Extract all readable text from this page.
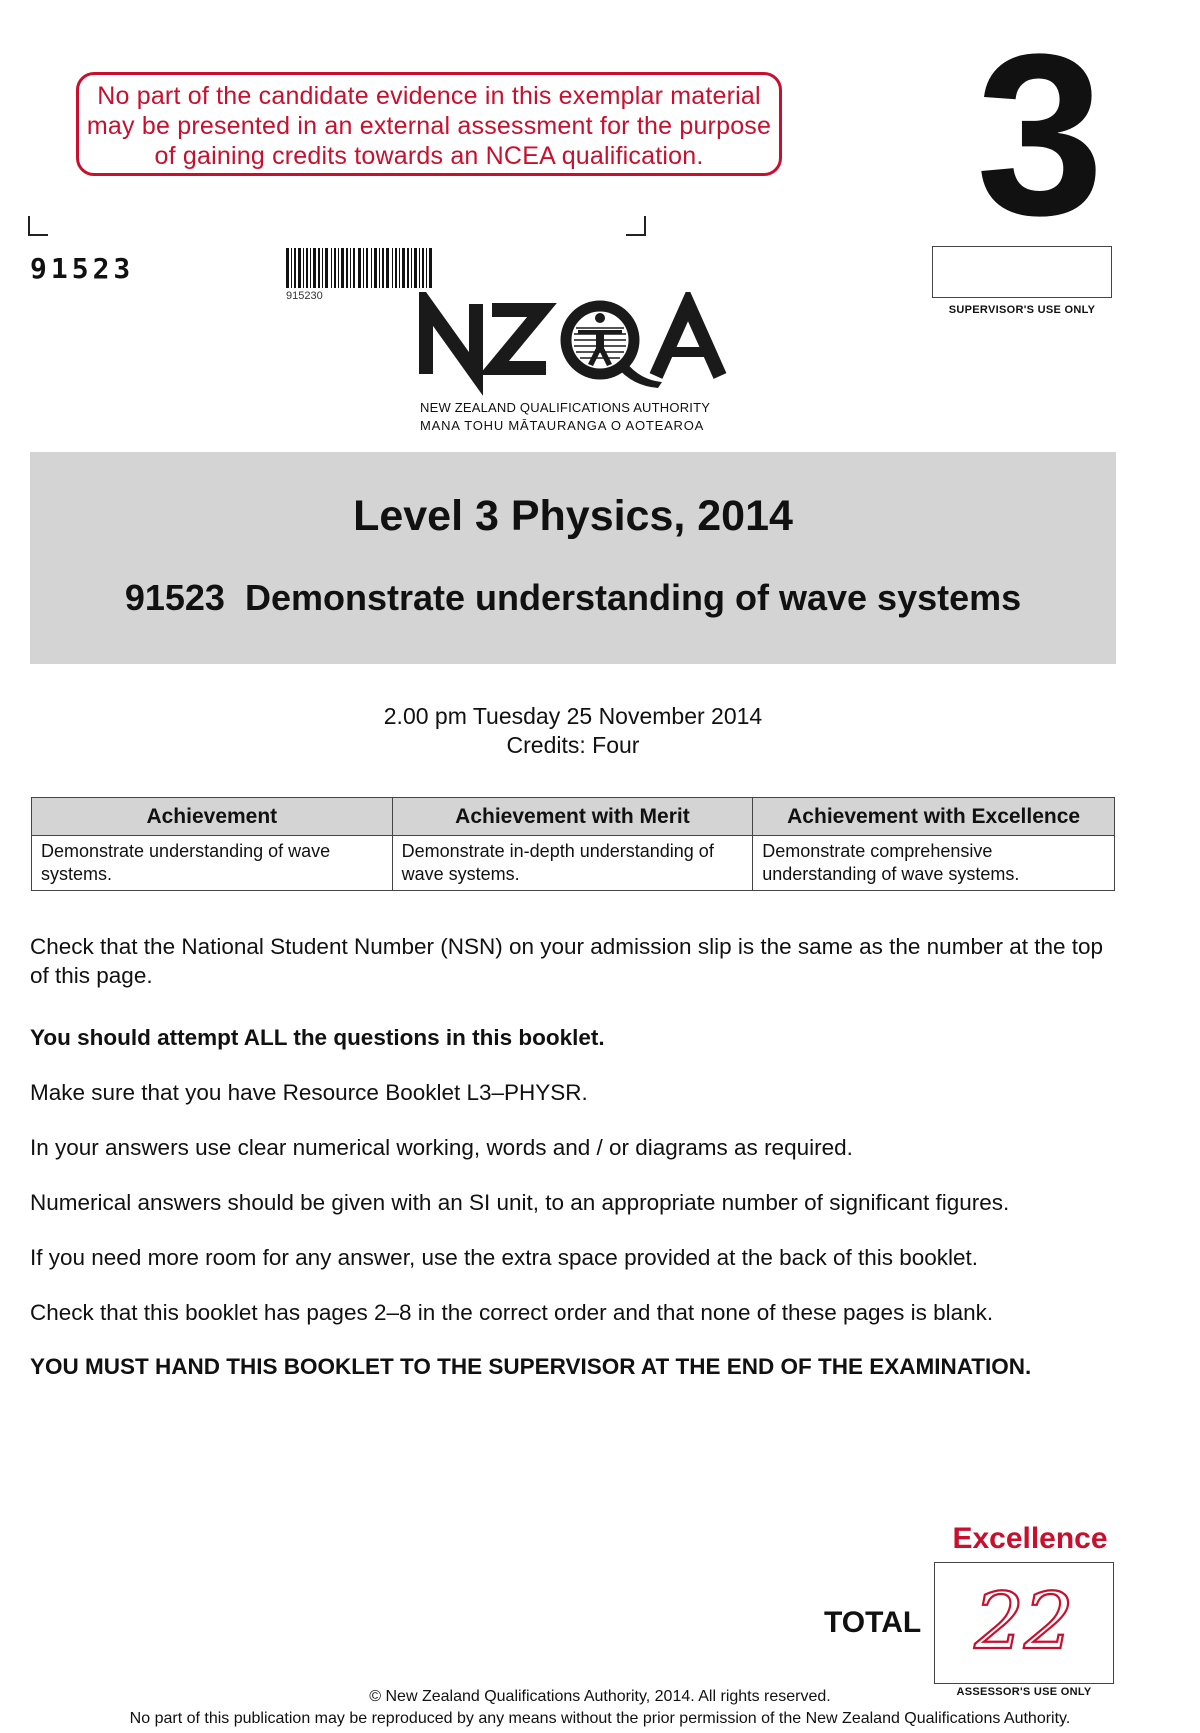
No part of the candidate evidence in this exemplar material
may be presented in an external assessment for the purpose
of gaining credits towards an NCEA qualification.	3
SUPERVISOR'S USE ONLY
91523
915230
NEW ZEALAND QUALIFICATIONS AUTHORITY
MANA TOHU MĀTAURANGA O AOTEAROA
Level 3 Physics, 2014
91523  Demonstrate understanding of wave systems
2.00 pm Tuesday 25 November 2014
Credits: Four
Achievement	Achievement with Merit	Achievement with Excellence
Demonstrate understanding of wave systems.	Demonstrate in-depth understanding of wave systems.	Demonstrate comprehensive understanding of wave systems.
Check that the National Student Number (NSN) on your admission slip is the same as the number at the top of this page.
You should attempt ALL the questions in this booklet.
Make sure that you have Resource Booklet L3–PHYSR.
In your answers use clear numerical working, words and / or diagrams as required.
Numerical answers should be given with an SI unit, to an appropriate number of significant figures.
If you need more room for any answer, use the extra space provided at the back of this booklet.
Check that this booklet has pages 2–8 in the correct order and that none of these pages is blank.
YOU MUST HAND THIS BOOKLET TO THE SUPERVISOR AT THE END OF THE EXAMINATION.
Excellence
TOTAL 22
ASSESSOR'S USE ONLY
© New Zealand Qualifications Authority, 2014. All rights reserved.
No part of this publication may be reproduced by any means without the prior permission of the New Zealand Qualifications Authority.
